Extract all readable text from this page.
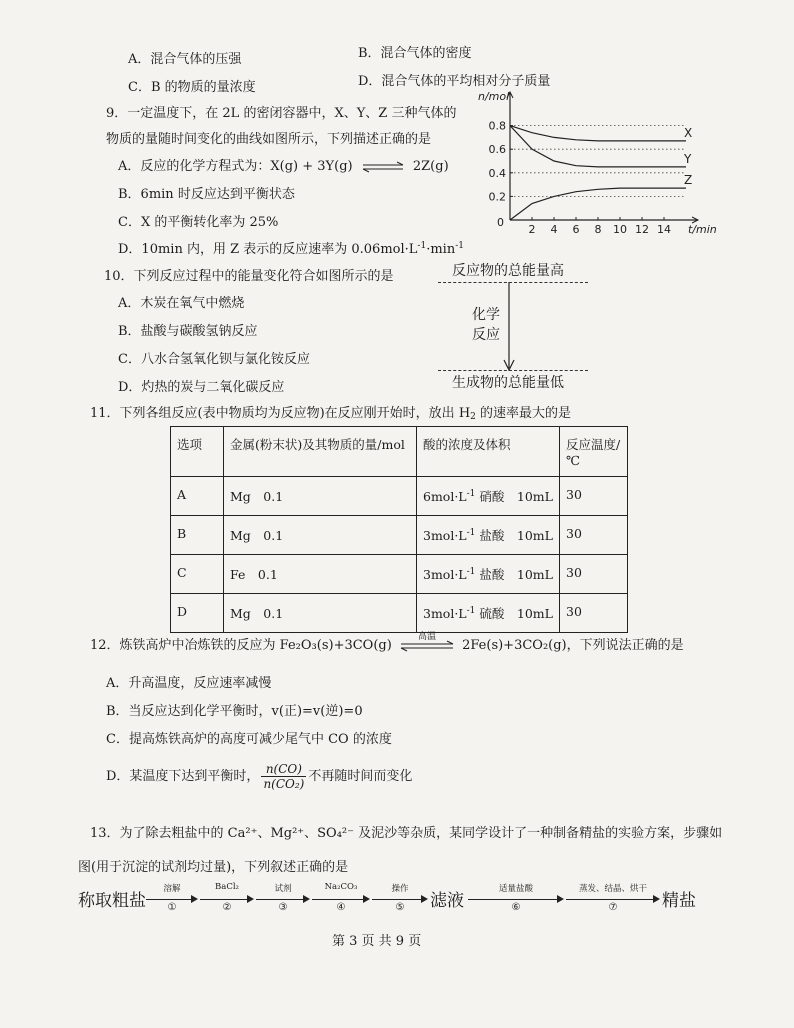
A．混合气体的压强	B．混合气体的密度
C．B 的物质的量浓度	D．混合气体的平均相对分子质量
9．一定温度下，在 2L 的密闭容器中，X、Y、Z 三种气体的
物质的量随时间变化的曲线如图所示，下列描述正确的是
A．反应的化学方程式为：X(g) + 3Y(g) ⇌ 2Z(g)
B．6min 时反应达到平衡状态
C．X 的平衡转化率为 25%
D．10min 内，用 Z 表示的反应速率为 $0.06mol\cdot L^{-1}\cdot\min^{-1}$
2 4 6 8 10 12 14
0.2
0.4
0.6
0.8
0
X
Y
Z
n/mol
t/min
10．下列反应过程中的能量变化符合如图所示的是
A．木炭在氧气中燃烧
B．盐酸与碳酸氢钠反应
C．八水合氢氧化钡与氯化铵反应
D．灼热的炭与二氧化碳反应
反应物的总能量高
化学
反应
生成物的总能量低
11．下列各组反应(表中物质均为反应物)在反应刚开始时，放出 $H_2$ 的速率最大的是
选项	金属(粉末状)及其物质的量/mol	酸的浓度及体积	反应温度/℃
A	Mg　0.1	$6mol\cdot L^{-1}$ 硝酸　10mL	30
B	Mg　0.1	$3mol\cdot L^{-1}$ 盐酸　10mL	30
C	Fe　0.1	$3mol\cdot L^{-1}$ 盐酸　10mL	30
D	Mg　0.1	$3mol\cdot L^{-1}$ 硫酸　10mL	30
12．炼铁高炉中冶炼铁的反应为 Fe₂O₃(s)+3CO(g)
高温
2Fe(s)+3CO₂(g)，下列说法正确的是
A．升高温度，反应速率减慢
B．当反应达到化学平衡时，v(正)=v(逆)=0
C．提高炼铁高炉的高度可减少尾气中 CO 的浓度
D．某温度下达到平衡时， $\frac{n(CO)}{\text{n(CO₂)}}$ 不再随时间而变化
13．为了除去粗盐中的 Ca²⁺、Mg²⁺、SO₄²⁻ 及泥沙等杂质，某同学设计了一种制备精盐的实验方案，步骤如
图(用于沉淀的试剂均过量)，下列叙述正确的是
称取粗盐
溶解
①
BaCl₂
②
试剂
③
Na₂CO₃
④
操作
⑤	滤液
适量盐酸
⑥
蒸发、结晶、烘干
⑦	精盐
第 3 页 共 9 页
